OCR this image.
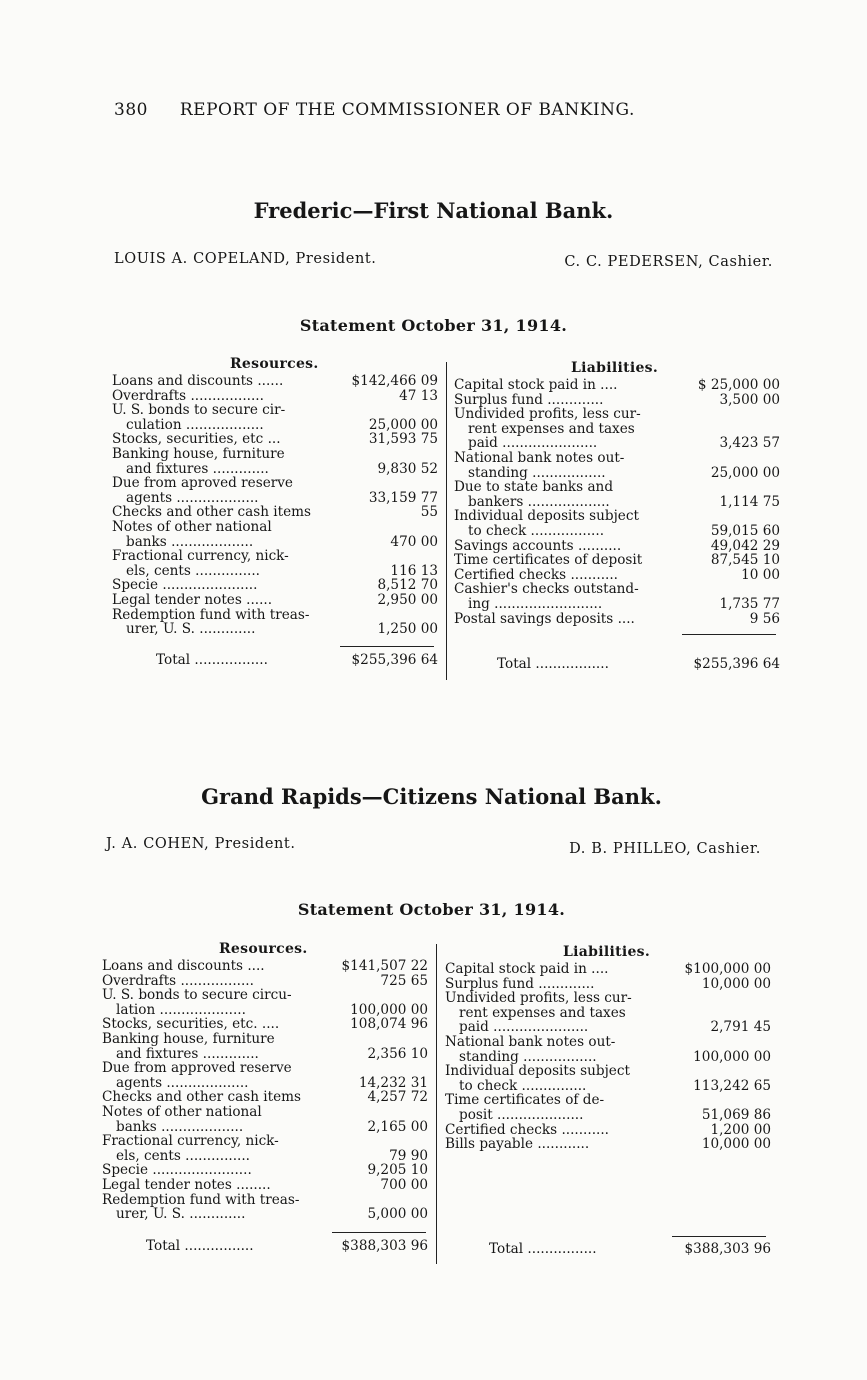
380 REPORT OF THE COMMISSIONER OF BANKING.
Frederic—First National Bank.
LOUIS A. COPELAND, President.	C. C. PEDERSEN, Cashier.
Statement October 31, 1914.
Resources.
Loans and discounts ......	$142,466 09
Overdrafts .................	47 13
U. S. bonds to secure cir-
culation ..................	25,000 00
Stocks, securities, etc ...	31,593 75
Banking house, furniture
and fixtures .............	9,830 52
Due from aproved reserve
agents ...................	33,159 77
Checks and other cash items	55
Notes of other national
banks ...................	470 00
Fractional currency, nick-
els, cents ...............	116 13
Specie ......................	8,512 70
Legal tender notes ......	2,950 00
Redemption fund with treas-
urer, U. S. .............	1,250 00
Liabilities.
Capital stock paid in ....	$ 25,000 00
Surplus fund .............	3,500 00
Undivided profits, less cur-
rent expenses and taxes
paid ......................	3,423 57
National bank notes out-
standing .................	25,000 00
Due to state banks and
bankers ...................	1,114 75
Individual deposits subject
to check .................	59,015 60
Savings accounts ..........	49,042 29
Time certificates of deposit	87,545 10
Certified checks ...........	10 00
Cashier's checks outstand-
ing .........................	1,735 77
Postal savings deposits ....	9 56
Total .................	$255,396 64	Total .................	$255,396 64
Grand Rapids—Citizens National Bank.
J. A. COHEN, President.	D. B. PHILLEO, Cashier.
Statement October 31, 1914.
Resources.
Loans and discounts ....	$141,507 22
Overdrafts .................	725 65
U. S. bonds to secure circu-
lation ....................	100,000 00
Stocks, securities, etc. ....	108,074 96
Banking house, furniture
and fixtures .............	2,356 10
Due from approved reserve
agents ...................	14,232 31
Checks and other cash items	4,257 72
Notes of other national
banks ...................	2,165 00
Fractional currency, nick-
els, cents ...............	79 90
Specie .......................	9,205 10
Legal tender notes ........	700 00
Redemption fund with treas-
urer, U. S. .............	5,000 00
Liabilities.
Capital stock paid in ....	$100,000 00
Surplus fund .............	10,000 00
Undivided profits, less cur-
rent expenses and taxes
paid ......................	2,791 45
National bank notes out-
standing .................	100,000 00
Individual deposits subject
to check ...............	113,242 65
Time certificates of de-
posit ....................	51,069 86
Certified checks ...........	1,200 00
Bills payable ............	10,000 00
Total ................	$388,303 96	Total ................	$388,303 96
